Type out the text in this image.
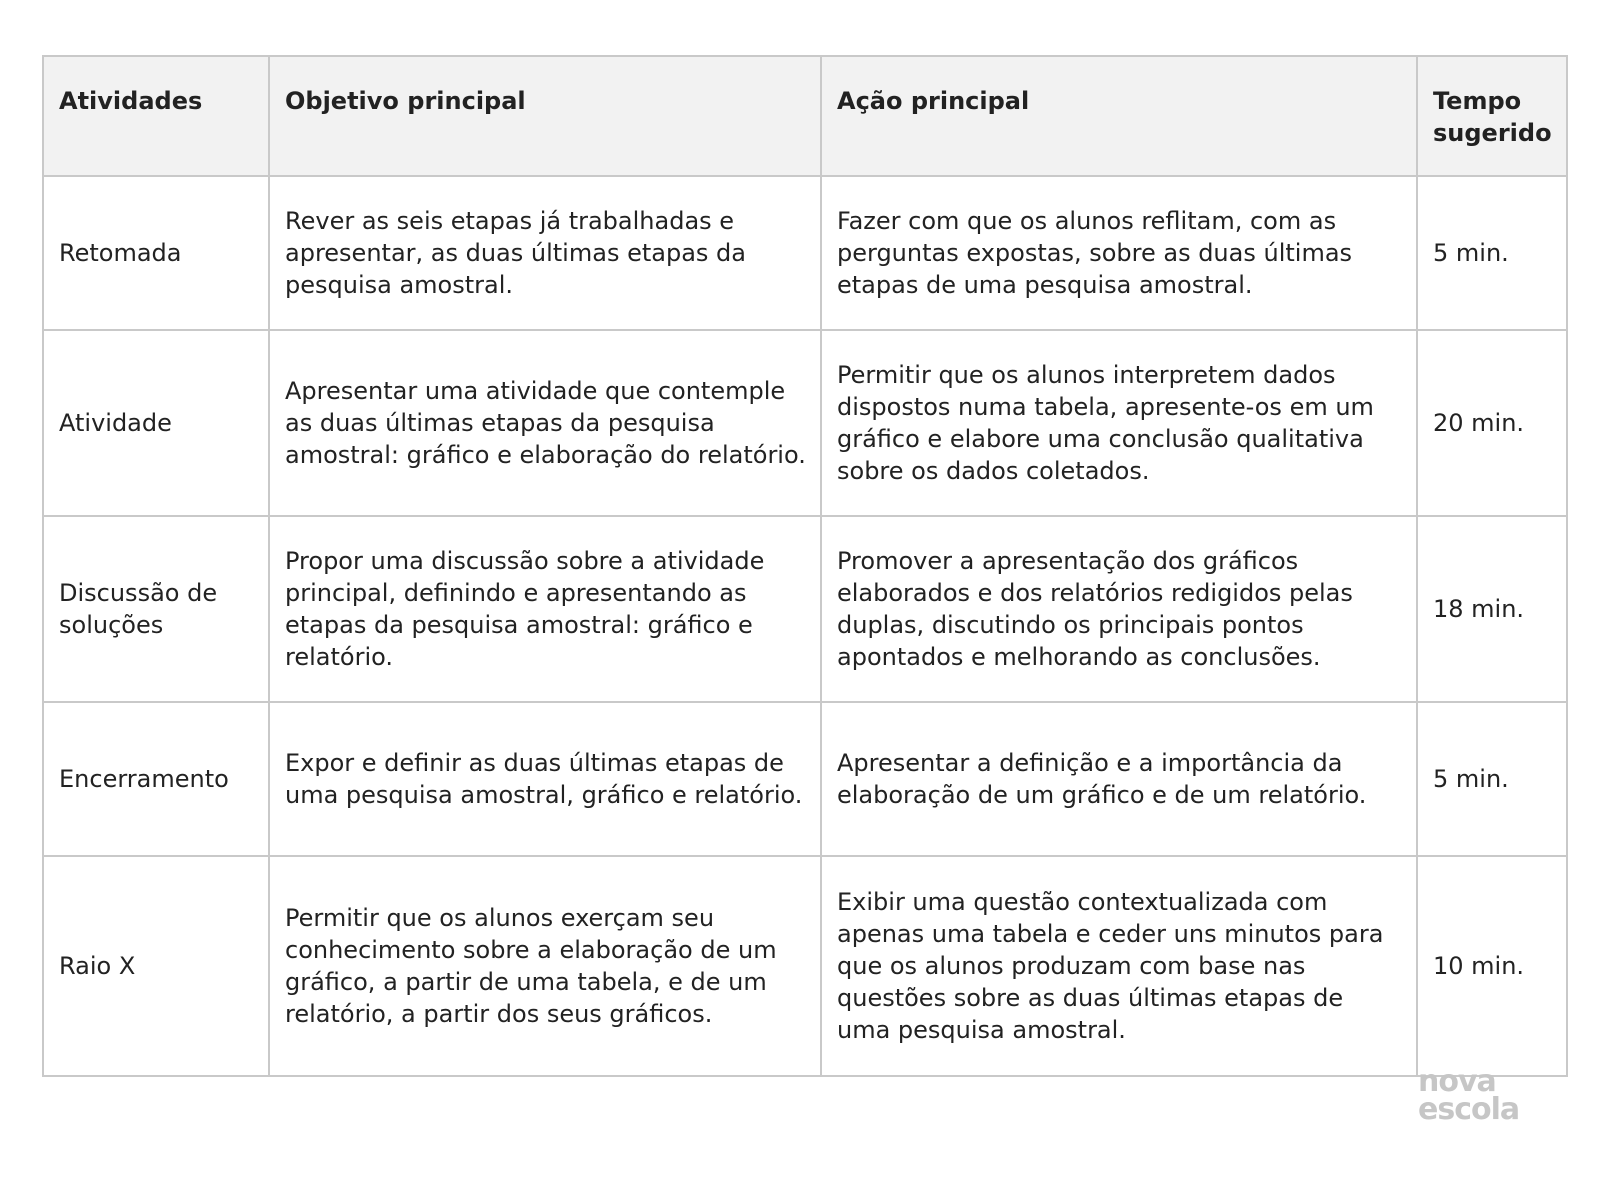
Atividades	Objetivo principal	Ação principal	Tempo sugerido
Retomada	Rever as seis etapas já trabalhadas e apresentar, as duas últimas etapas da pesquisa amostral.	Fazer com que os alunos reflitam, com as perguntas expostas, sobre as duas últimas etapas de uma pesquisa amostral.	5 min.
Atividade	Apresentar uma atividade que contemple as duas últimas etapas da pesquisa amostral: gráfico e elaboração do relatório.	Permitir que os alunos interpretem dados dispostos numa tabela, apresente-os em um gráfico e elabore uma conclusão qualitativa sobre os dados coletados.	20 min.
Discussão de soluções	Propor uma discussão sobre a atividade principal, definindo e apresentando as etapas da pesquisa amostral: gráfico e relatório.	Promover a apresentação dos gráficos elaborados e dos relatórios redigidos pelas duplas, discutindo os principais pontos apontados e melhorando as conclusões.	18 min.
Encerramento	Expor e definir as duas últimas etapas de uma pesquisa amostral, gráfico e relatório.	Apresentar a definição e a importância da elaboração de um gráfico e de um relatório.	5 min.
Raio X	Permitir que os alunos exerçam seu conhecimento sobre a elaboração de um gráfico, a partir de uma tabela, e de um relatório, a partir dos seus gráficos.	Exibir uma questão contextualizada com apenas uma tabela e ceder uns minutos para que os alunos produzam com base nas questões sobre as duas últimas etapas de uma pesquisa amostral.	10 min.
nova
escola
